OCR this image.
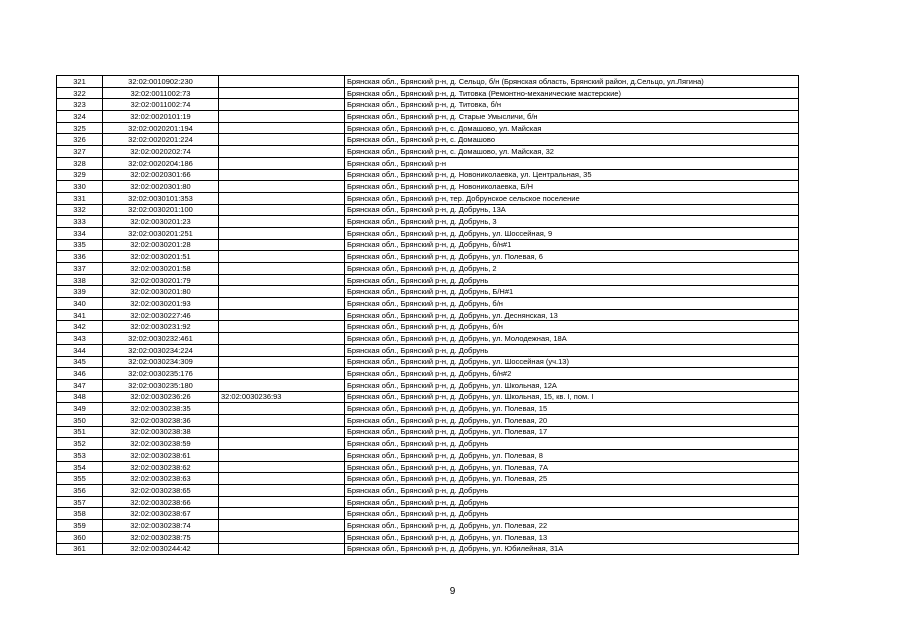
321	32:02:0010902:230		Брянская обл., Брянский р-н, д. Сельцо, б/н (Брянская область, Брянский район, д.Сельцо, ул.Лягина)
322	32:02:0011002:73		Брянская обл., Брянский р-н, д. Титовка (Ремонтно-механические мастерские)
323	32:02:0011002:74		Брянская обл., Брянский р-н, д. Титовка, б/н
324	32:02:0020101:19		Брянская обл., Брянский р-н, д. Старые Умысличи, б/н
325	32:02:0020201:194		Брянская обл., Брянский р-н, с. Домашово, ул. Майская
326	32:02:0020201:224		Брянская обл., Брянский р-н, с. Домашово
327	32:02:0020202:74		Брянская обл., Брянский р-н, с. Домашово, ул. Майская, 32
328	32:02:0020204:186		Брянская обл., Брянский р-н
329	32:02:0020301:66		Брянская обл., Брянский р-н, д. Новониколаевка, ул. Центральная, 35
330	32:02:0020301:80		Брянская обл., Брянский р-н, д. Новониколаевка, Б/Н
331	32:02:0030101:353		Брянская обл., Брянский р-н, тер. Добрунское сельское поселение
332	32:02:0030201:100		Брянская обл., Брянский р-н, д. Добрунь, 13А
333	32:02:0030201:23		Брянская обл., Брянский р-н, д. Добрунь, 3
334	32:02:0030201:251		Брянская обл., Брянский р-н, д. Добрунь, ул. Шоссейная, 9
335	32:02:0030201:28		Брянская обл., Брянский р-н, д. Добрунь, б/н#1
336	32:02:0030201:51		Брянская обл., Брянский р-н, д. Добрунь, ул. Полевая, 6
337	32:02:0030201:58		Брянская обл., Брянский р-н, д. Добрунь, 2
338	32:02:0030201:79		Брянская обл., Брянский р-н, д. Добрунь
339	32:02:0030201:80		Брянская обл., Брянский р-н, д. Добрунь, Б/Н#1
340	32:02:0030201:93		Брянская обл., Брянский р-н, д. Добрунь, б/н
341	32:02:0030227:46		Брянская обл., Брянский р-н, д. Добрунь, ул. Деснянская, 13
342	32:02:0030231:92		Брянская обл., Брянский р-н, д. Добрунь, б/н
343	32:02:0030232:461		Брянская обл., Брянский р-н, д. Добрунь, ул. Молодежная, 18А
344	32:02:0030234:224		Брянская обл., Брянский р-н, д. Добрунь
345	32:02:0030234:309		Брянская обл., Брянский р-н, д. Добрунь, ул. Шоссейная (уч.13)
346	32:02:0030235:176		Брянская обл., Брянский р-н, д. Добрунь, б/н#2
347	32:02:0030235:180		Брянская обл., Брянский р-н, д. Добрунь, ул. Школьная, 12А
348	32:02:0030236:26	32:02:0030236:93	Брянская обл., Брянский р-н, д. Добрунь, ул. Школьная, 15, кв. I, пом. I
349	32:02:0030238:35		Брянская обл., Брянский р-н, д. Добрунь, ул. Полевая, 15
350	32:02:0030238:36		Брянская обл., Брянский р-н, д. Добрунь, ул. Полевая, 20
351	32:02:0030238:38		Брянская обл., Брянский р-н, д. Добрунь, ул. Полевая, 17
352	32:02:0030238:59		Брянская обл., Брянский р-н, д. Добрунь
353	32:02:0030238:61		Брянская обл., Брянский р-н, д. Добрунь, ул. Полевая, 8
354	32:02:0030238:62		Брянская обл., Брянский р-н, д. Добрунь, ул. Полевая, 7А
355	32:02:0030238:63		Брянская обл., Брянский р-н, д. Добрунь, ул. Полевая, 25
356	32:02:0030238:65		Брянская обл., Брянский р-н, д. Добрунь
357	32:02:0030238:66		Брянская обл., Брянский р-н, д. Добрунь
358	32:02:0030238:67		Брянская обл., Брянский р-н, д. Добрунь
359	32:02:0030238:74		Брянская обл., Брянский р-н, д. Добрунь, ул. Полевая, 22
360	32:02:0030238:75		Брянская обл., Брянский р-н, д. Добрунь, ул. Полевая, 13
361	32:02:0030244:42		Брянская обл., Брянский р-н, д. Добрунь, ул. Юбилейная, 31А
9
